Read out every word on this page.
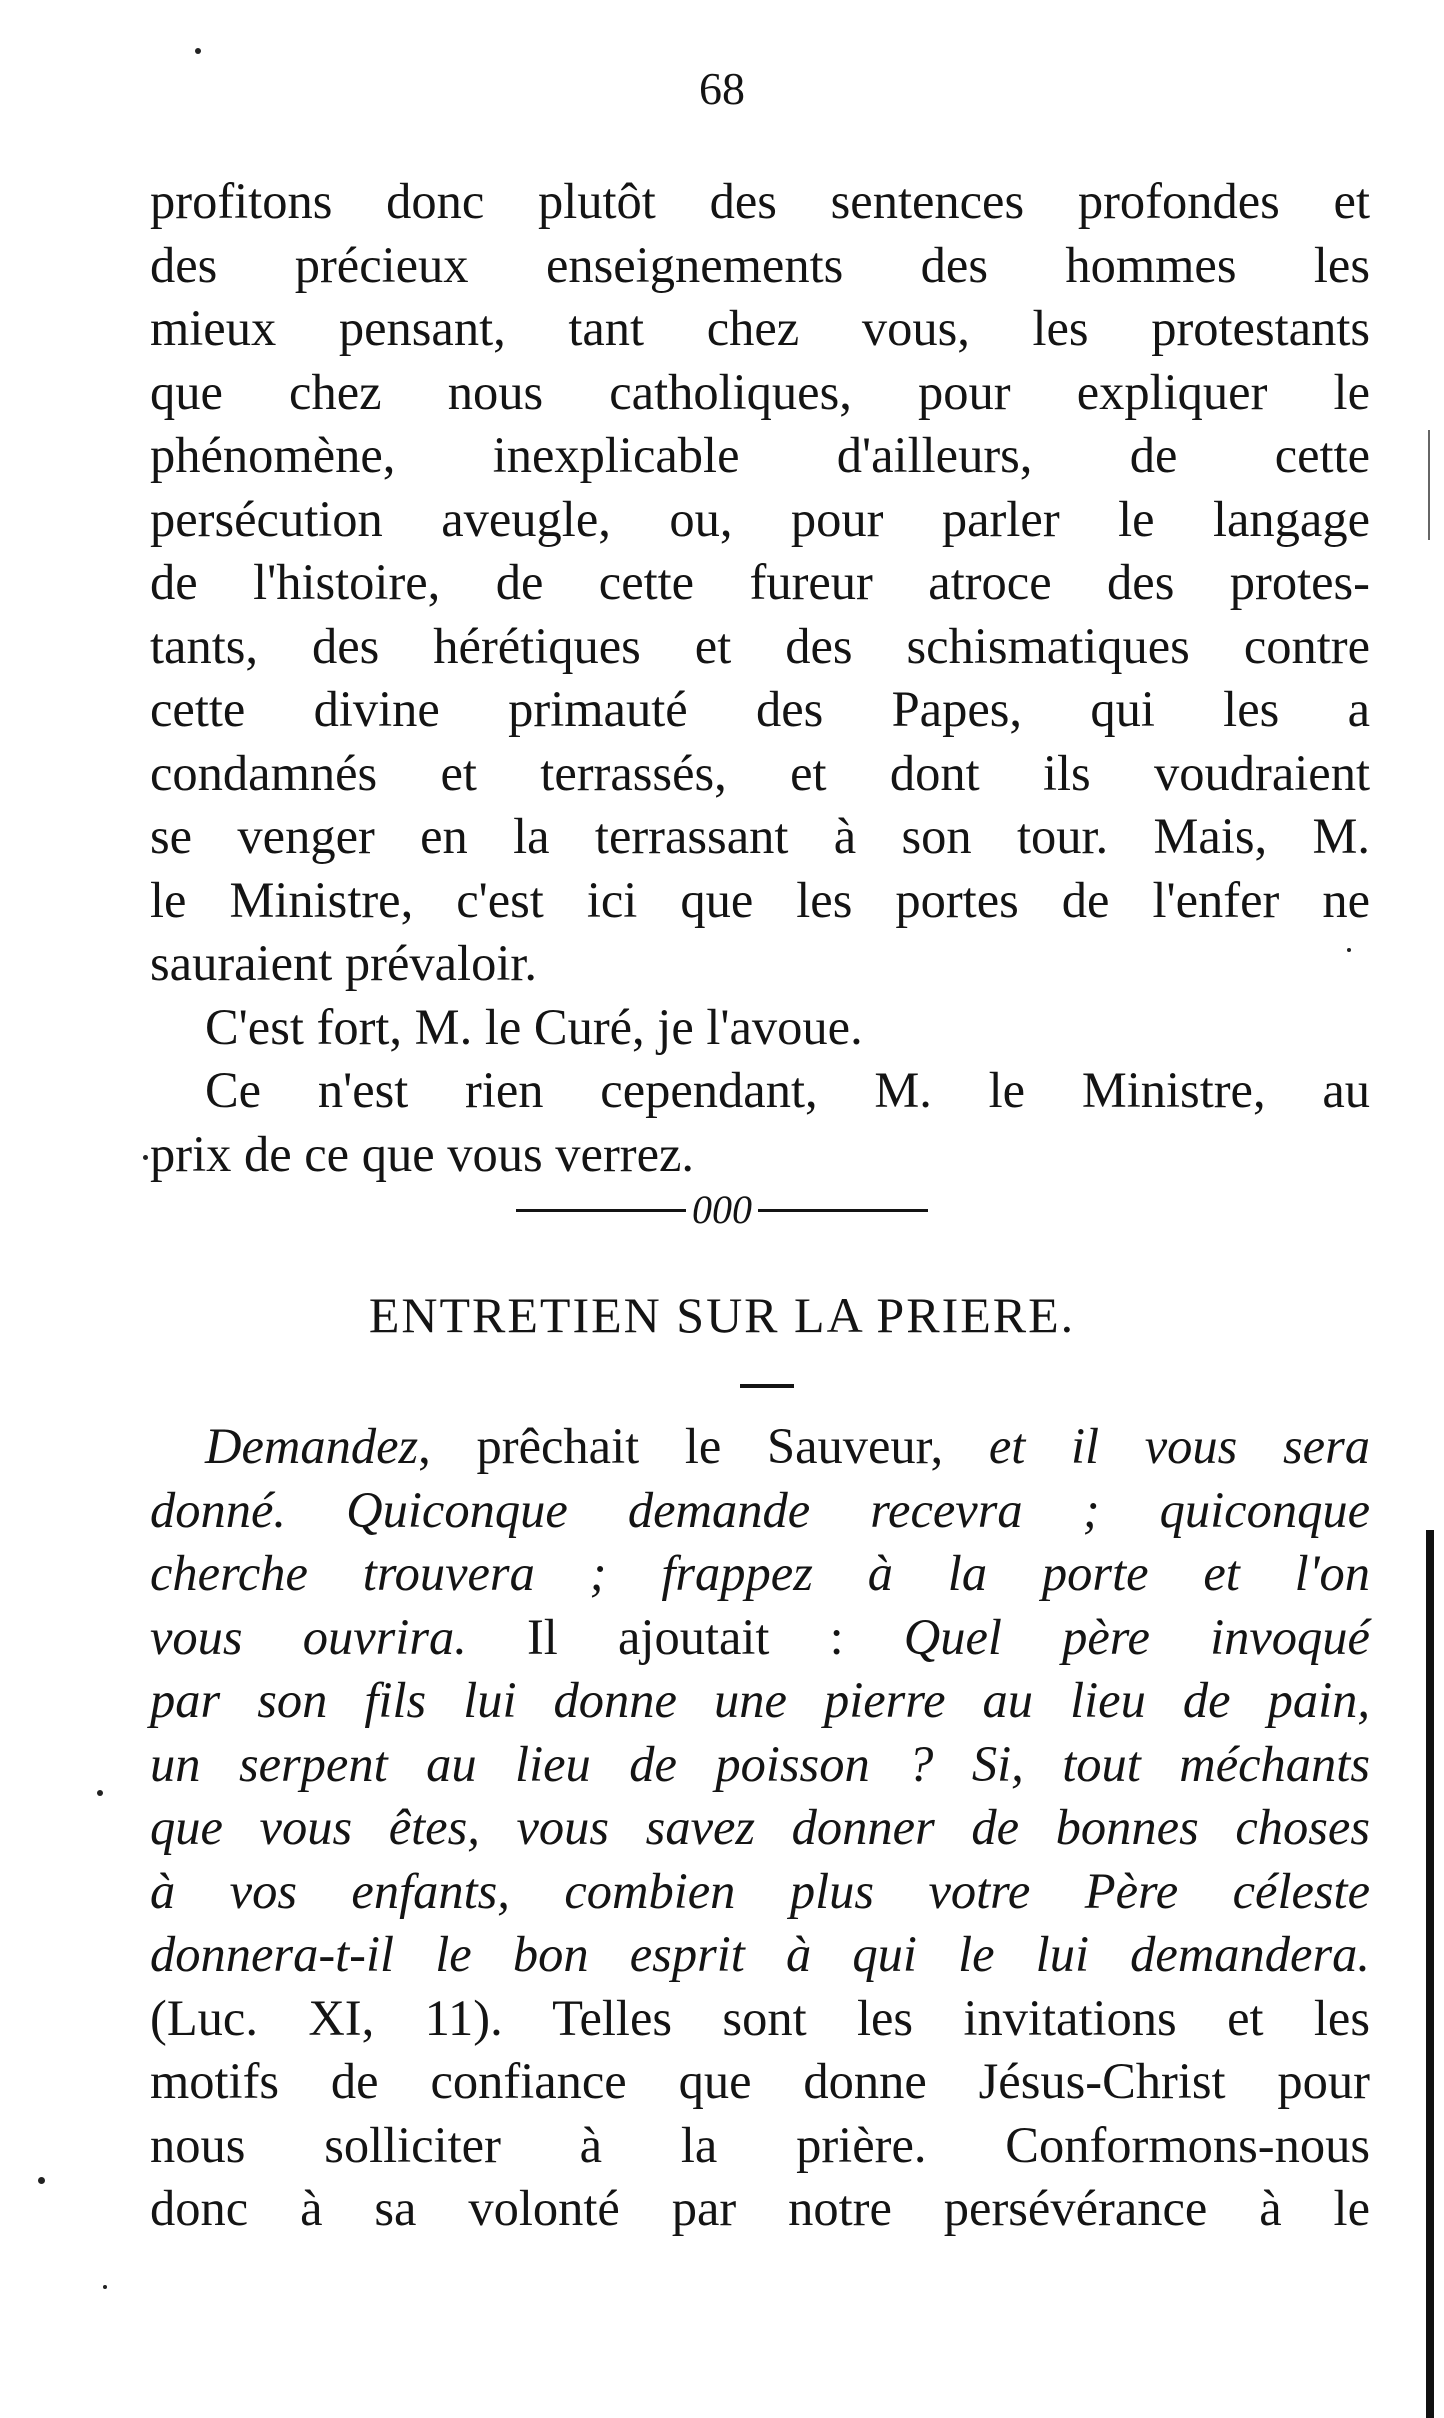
68
profitons donc plutôt des sentences profondes et
des précieux enseignements des hommes les
mieux pensant, tant chez vous, les protestants
que chez nous catholiques, pour expliquer le
phénomène, inexplicable d'ailleurs, de cette
persécution aveugle, ou, pour parler le langage
de l'histoire, de cette fureur atroce des protes-
tants, des hérétiques et des schismatiques contre
cette divine primauté des Papes, qui les a
condamnés et terrassés, et dont ils voudraient
se venger en la terrassant à son tour. Mais, M.
le Ministre, c'est ici que les portes de l'enfer ne
sauraient prévaloir.
C'est fort, M. le Curé, je l'avoue.
Ce n'est rien cependant, M. le Ministre, au
prix de ce que vous verrez.
000
ENTRETIEN SUR LA PRIERE.
Demandez, prêchait le Sauveur, et il vous sera
donné. Quiconque demande recevra ; quiconque
cherche trouvera ; frappez à la porte et l'on
vous ouvrira. Il ajoutait : Quel père invoqué
par son fils lui donne une pierre au lieu de pain,
un serpent au lieu de poisson ? Si, tout méchants
que vous êtes, vous savez donner de bonnes choses
à vos enfants, combien plus votre Père céleste
donnera-t-il le bon esprit à qui le lui demandera.
(Luc. XI, 11). Telles sont les invitations et les
motifs de confiance que donne Jésus-Christ pour
nous solliciter à la prière. Conformons-nous
donc à sa volonté par notre persévérance à le
